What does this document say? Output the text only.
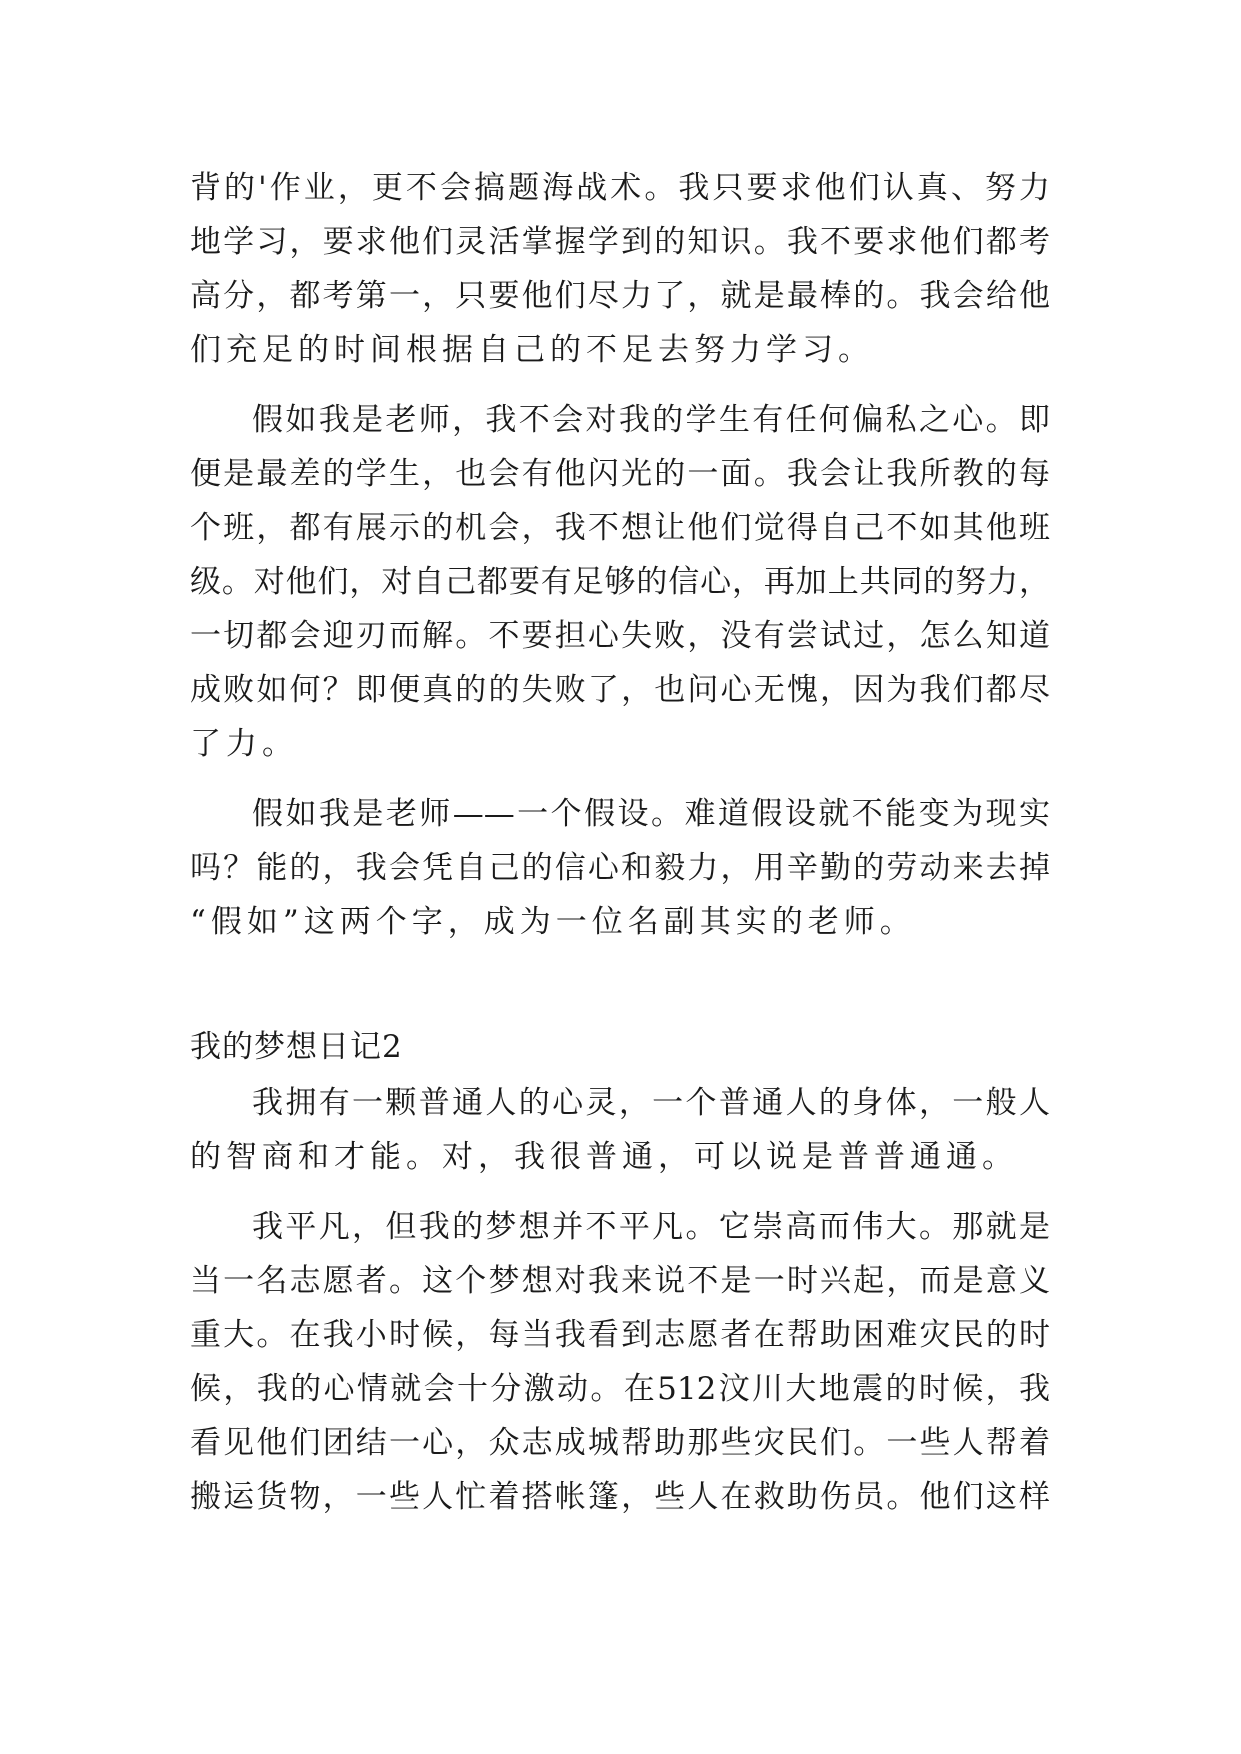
背的'作业，更不会搞题海战术。我只要求他们认真、努力
地学习，要求他们灵活掌握学到的知识。我不要求他们都考
高分，都考第一，只要他们尽力了，就是最棒的。我会给他
们充足的时间根据自己的不足去努力学习。
假如我是老师，我不会对我的学生有任何偏私之心。即
便是最差的学生，也会有他闪光的一面。我会让我所教的每
个班，都有展示的机会，我不想让他们觉得自己不如其他班
级。对他们，对自己都要有足够的信心，再加上共同的努力，
一切都会迎刃而解。不要担心失败，没有尝试过，怎么知道
成败如何？即便真的的失败了，也问心无愧，因为我们都尽
了力。
假如我是老师——一个假设。难道假设就不能变为现实
吗？能的，我会凭自己的信心和毅力，用辛勤的劳动来去掉
“假如”这两个字，成为一位名副其实的老师。
我的梦想日记2
我拥有一颗普通人的心灵，一个普通人的身体，一般人
的智商和才能。对，我很普通，可以说是普普通通。
我平凡，但我的梦想并不平凡。它崇高而伟大。那就是
当一名志愿者。这个梦想对我来说不是一时兴起，而是意义
重大。在我小时候，每当我看到志愿者在帮助困难灾民的时
候，我的心情就会十分激动。在512汶川大地震的时候，我
看见他们团结一心，众志成城帮助那些灾民们。一些人帮着
搬运货物，一些人忙着搭帐篷，些人在救助伤员。他们这样
